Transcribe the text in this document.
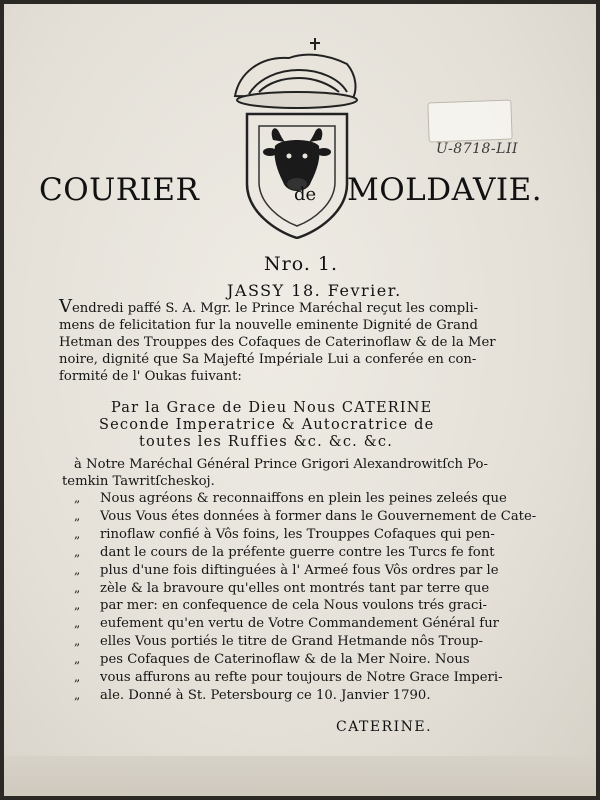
U-8718-LII
COURIER	de MOLDAVIE.
Nro. 1.
JASSY 18. Fevrier.
Vendredi paffé S. A. Mgr. le Prince Maréchal reçut les compli-
mens de felicitation fur la nouvelle eminente Dignité de Grand
Hetman des Trouppes des Cofaques de Caterinoflaw & de la Mer
noire, dignité que Sa Majefté Impériale Lui a conferée en con-
formité de l' Oukas fuivant:
Par la Grace de Dieu Nous CATERINE
Seconde Imperatrice & Autocratrice de
toutes les Ruffies &c. &c. &c.
à Notre Maréchal Général Prince Grigori Alexandrowitſch Po-
temkin Tawritſcheskoj.
„ Nous agréons & reconnaiffons en plein les peines zeleés que
„ Vous Vous étes données à former dans le Gouvernement de Cate-
„ rinoflaw confié à Vôs foins, les Trouppes Cofaques qui pen-
„ dant le cours de la préfente guerre contre les Turcs fe font
„ plus d'une fois diftinguées à l' Armeé fous Vôs ordres par le
„ zèle & la bravoure qu'elles ont montrés tant par terre que
„ par mer: en confequence de cela Nous voulons trés graci-
„ eufement qu'en vertu de Votre Commandement Général fur
„ elles Vous portiés le titre de Grand Hetmande nôs Troup-
„ pes Cofaques de Caterinoflaw & de la Mer Noire. Nous
„ vous affurons au refte pour toujours de Notre Grace Imperi-
„ ale. Donné à St. Petersbourg ce 10. Janvier 1790.
CATERINE.
